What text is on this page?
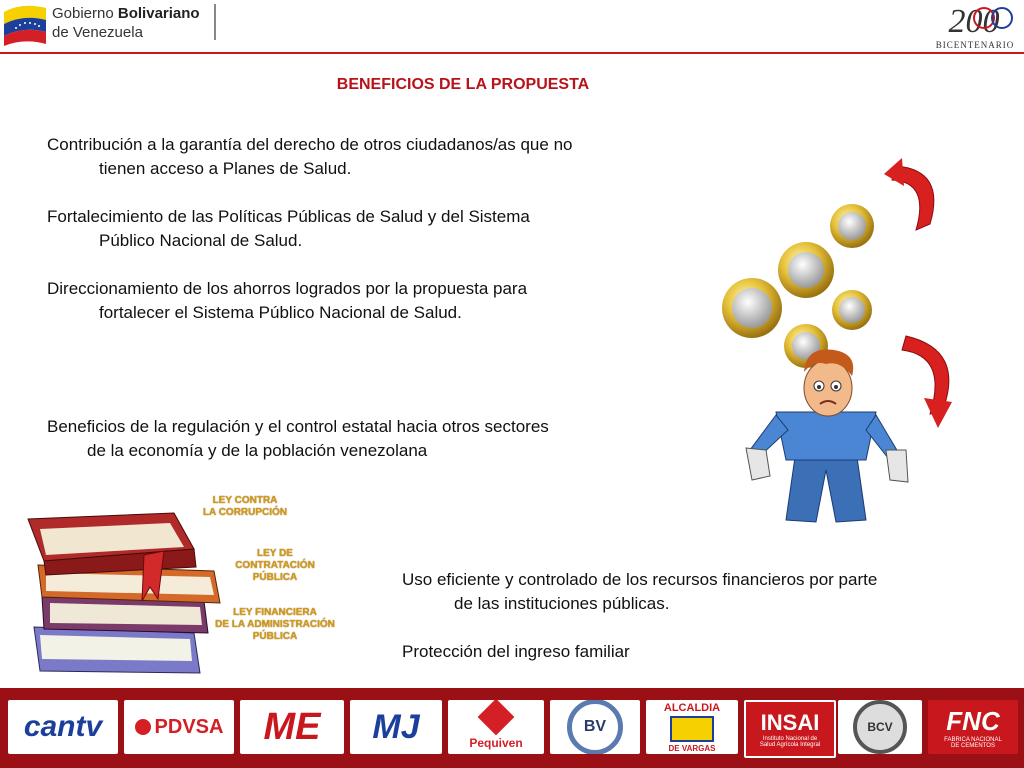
Gobierno Bolivariano
de Venezuela	200
BICENTENARIO
BENEFICIOS DE LA PROPUESTA
Contribución a la garantía del derecho de otros ciudadanos/as que no
tienen acceso a Planes de Salud.
Fortalecimiento de las Políticas Públicas de Salud y del Sistema
Público Nacional de Salud.
Direccionamiento de los ahorros logrados por la propuesta para
fortalecer el Sistema Público Nacional de Salud.
Beneficios de la regulación y el control estatal hacia otros sectores
de la economía y de la población venezolana
Uso eficiente y controlado de los recursos financieros por parte
de las instituciones públicas.
Protección del ingreso familiar
LEY CONTRA
LA CORRUPCIÓN
LEY DE
CONTRATACIÓN
PÚBLICA
LEY FINANCIERA
DE LA ADMINISTRACIÓN
PÚBLICA
cantv	PDVSA ME MJ	Pequiven
BV
ALCALDIA
DE VARGAS
INSAI
Instituto Nacional de
Salud Agrícola Integral
BCV	FNC
FABRICA NACIONAL
DE CEMENTOS
